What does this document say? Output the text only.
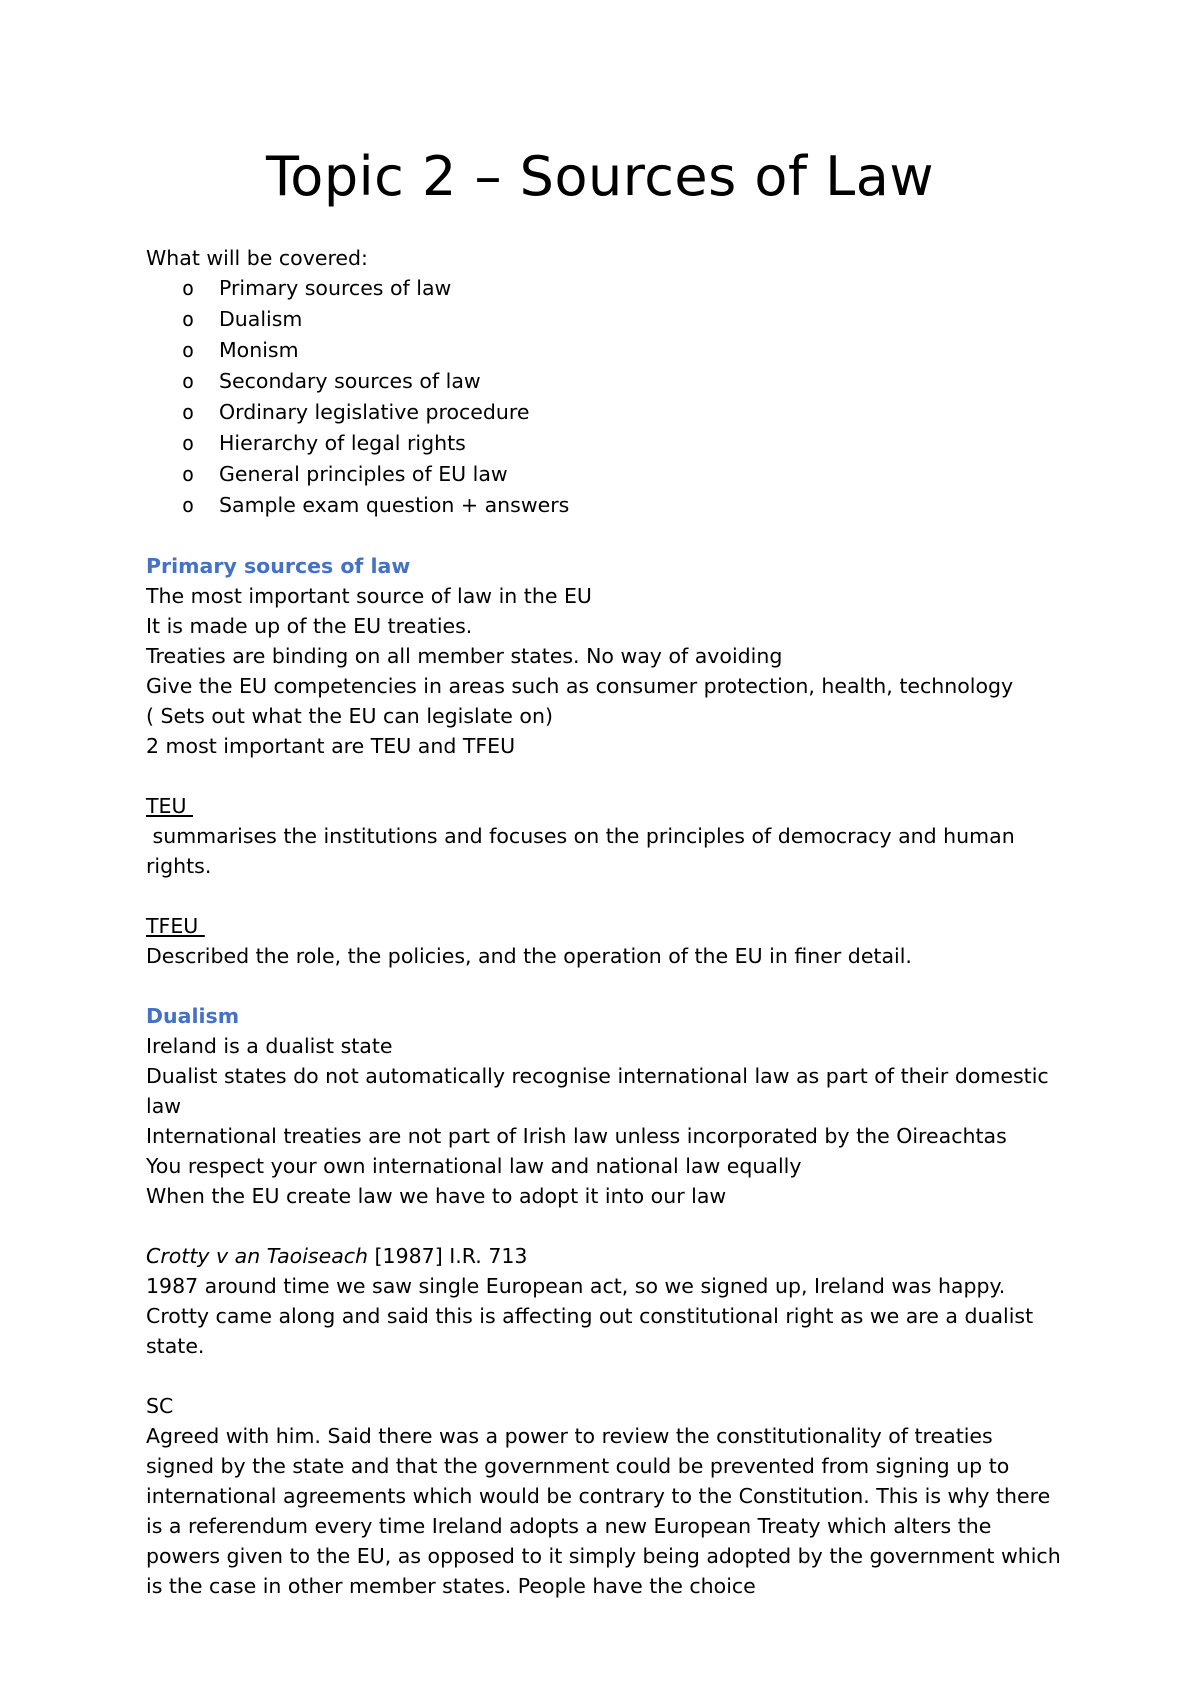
Topic 2 – Sources of Law
What will be covered:
o Primary sources of law
o Dualism
o Monism
o Secondary sources of law
o Ordinary legislative procedure
o Hierarchy of legal rights
o General principles of EU law
o Sample exam question + answers
Primary sources of law
The most important source of law in the EU
It is made up of the EU treaties.
Treaties are binding on all member states. No way of avoiding
Give the EU competencies in areas such as consumer protection, health, technology
( Sets out what the EU can legislate on)
2 most important are TEU and TFEU
TEU
summarises the institutions and focuses on the principles of democracy and human rights.
TFEU
Described the role, the policies, and the operation of the EU in finer detail.
Dualism
Ireland is a dualist state
Dualist states do not automatically recognise international law as part of their domestic law
International treaties are not part of Irish law unless incorporated by the Oireachtas
You respect your own international law and national law equally
When the EU create law we have to adopt it into our law
Crotty v an Taoiseach [1987] I.R. 713
1987 around time we saw single European act, so we signed up, Ireland was happy. Crotty came along and said this is affecting out constitutional right as we are a dualist state.
SC
Agreed with him. Said there was a power to review the constitutionality of treaties signed by the state and that the government could be prevented from signing up to international agreements which would be contrary to the Constitution. This is why there is a referendum every time Ireland adopts a new European Treaty which alters the powers given to the EU, as opposed to it simply being adopted by the government which is the case in other member states. People have the choice
